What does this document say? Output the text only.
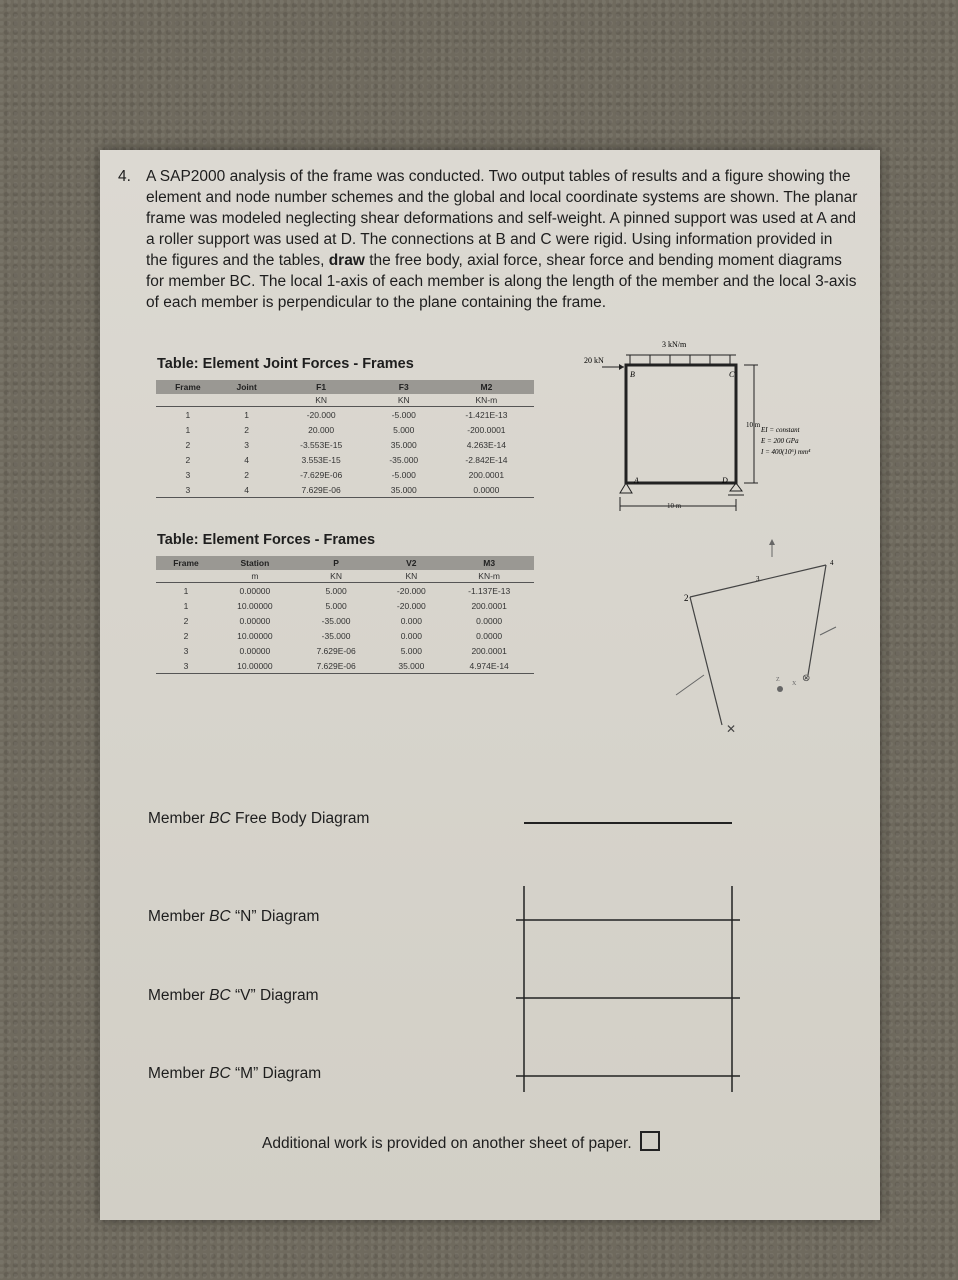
4. A SAP2000 analysis of the frame was conducted. Two output tables of results and a figure showing the element and node number schemes and the global and local coordinate systems are shown. The planar frame was modeled neglecting shear deformations and self-weight. A pinned support was used at A and a roller support was used at D. The connections at B and C were rigid. Using information provided in the figures and the tables, draw the free body, axial force, shear force and bending moment diagrams for member BC. The local 1-axis of each member is along the length of the member and the local 3-axis of each member is perpendicular to the plane containing the frame.
Table: Element Joint Forces - Frames
Frame	Joint	F1	F3	M2
		KN	KN	KN-m
1	1	-20.000	-5.000	-1.421E-13
1	2	20.000	5.000	-200.0001
2	3	-3.553E-15	35.000	4.263E-14
2	4	3.553E-15	-35.000	-2.842E-14
3	2	-7.629E-06	-5.000	200.0001
3	4	7.629E-06	35.000	0.0000
Table: Element Forces - Frames
Frame	Station	P	V2	M3
	m	KN	KN	KN-m
1	0.00000	5.000	-20.000	-1.137E-13
1	10.00000	5.000	-20.000	200.0001
2	0.00000	-35.000	0.000	0.0000
2	10.00000	-35.000	0.000	0.0000
3	0.00000	7.629E-06	5.000	200.0001
3	10.00000	7.629E-06	35.000	4.974E-14
3 kN/m
20 kN
B	C
A	D
10 m
10 m
EI = constant
E = 200 GPa
I = 400(10⁶) mm⁴
2
3
4
✕
⊗
Z
X
Member BC Free Body Diagram
Member BC “N” Diagram
Member BC “V” Diagram
Member BC “M” Diagram
Additional work is provided on another sheet of paper.
